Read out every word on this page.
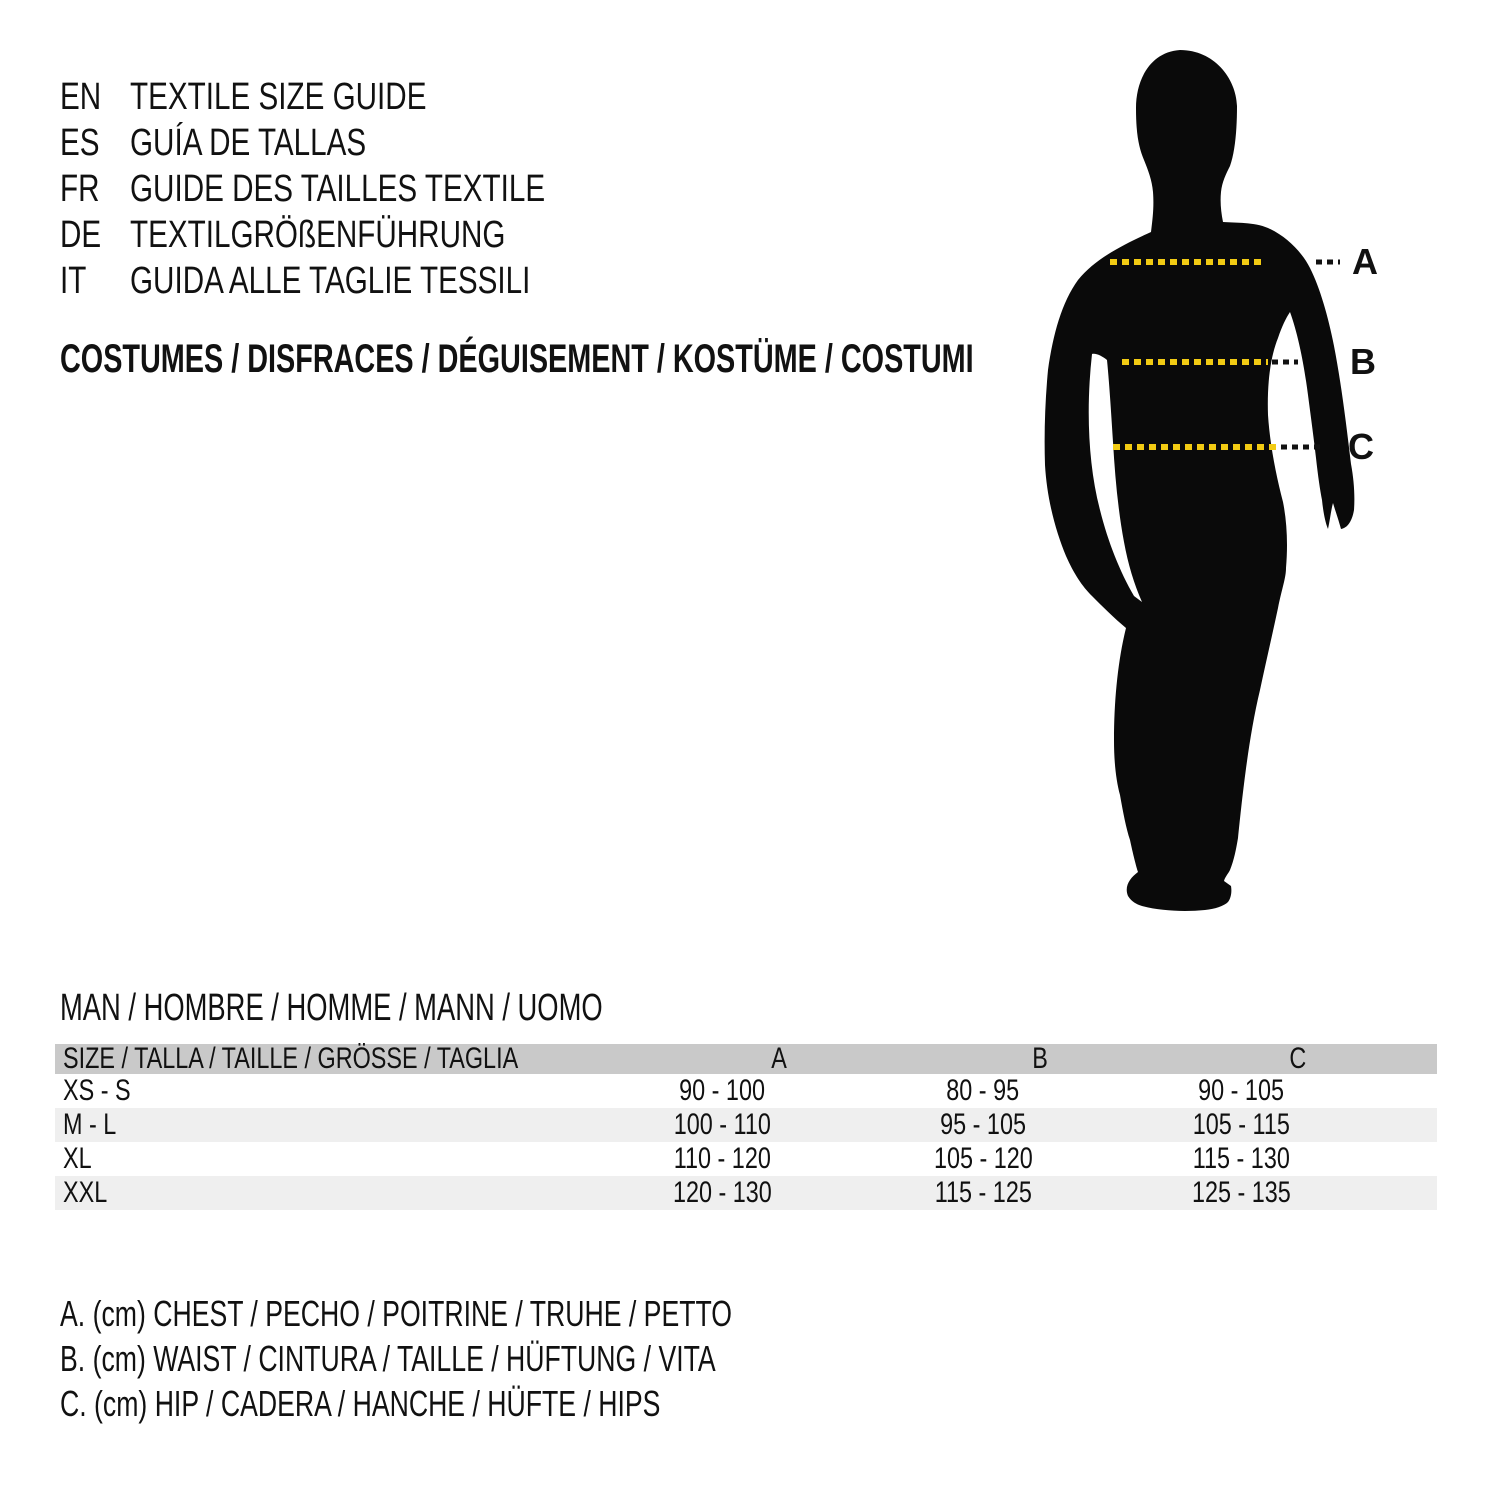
EN TEXTILE SIZE GUIDE
ES GUÍA DE TALLAS
FR GUIDE DES TAILLES TEXTILE
DE TEXTILGRÖßENFÜHRUNG
IT	GUIDA ALLE TAGLIE TESSILI
COSTUMES / DISFRACES / DÉGUISEMENT / KOSTÜME / COSTUMI
A
B
C
MAN / HOMBRE / HOMME / MANN / UOMO
SIZE / TALLA / TAILLE / GRÖSSE / TAGLIA	A	B	C
XS - S	90 - 100	80 - 95	90 - 105
M - L	100 - 110	95 - 105	105 - 115
XL	110 - 120	105 - 120	115 - 130
XXL	120 - 130	115 - 125	125 - 135
A. (cm) CHEST / PECHO / POITRINE / TRUHE / PETTO
B. (cm) WAIST / CINTURA / TAILLE / HÜFTUNG / VITA
C. (cm) HIP / CADERA / HANCHE / HÜFTE / HIPS
